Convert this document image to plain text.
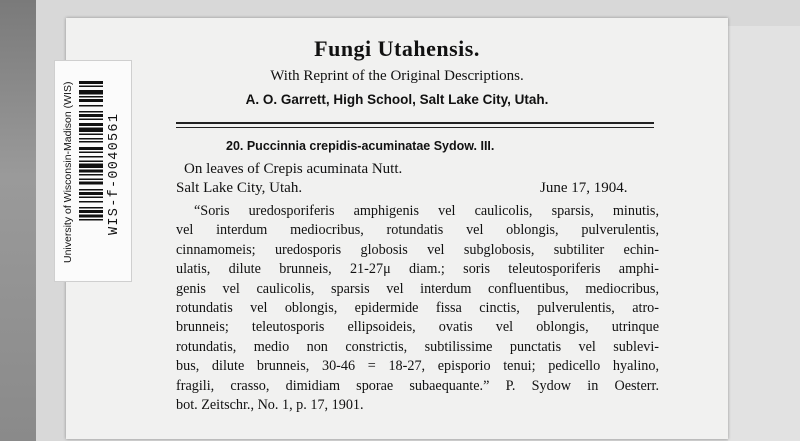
Fungi Utahensis.
With Reprint of the Original Descriptions.
A. O. Garrett, High School, Salt Lake City, Utah.
20. Puccinnia crepidis-acuminatae Sydow. III.
On leaves of Crepis acuminata Nutt.
Salt Lake City, Utah.	June 17, 1904.
“Soris uredosporiferis amphigenis vel caulicolis, sparsis, minutis,
vel interdum mediocribus, rotundatis vel oblongis, pulverulentis,
cinnamomeis; uredosporis globosis vel subglobosis, subtiliter echin-
ulatis, dilute brunneis, 21-27μ diam.; soris teleutosporiferis amphi-
genis vel caulicolis, sparsis vel interdum confluentibus, mediocribus,
rotundatis vel oblongis, epidermide fissa cinctis, pulverulentis, atro-
brunneis; teleutosporis ellipsoideis, ovatis vel oblongis, utrinque
rotundatis, medio non constrictis, subtilissime punctatis vel sublevi-
bus, dilute brunneis, 30-46 = 18-27, episporio tenui; pedicello hyalino,
fragili, crasso, dimidiam sporae subaequante.” P. Sydow in Oesterr.
bot. Zeitschr., No. 1, p. 17, 1901.
University of Wisconsin-Madison (WIS) WIS-f-0040561
